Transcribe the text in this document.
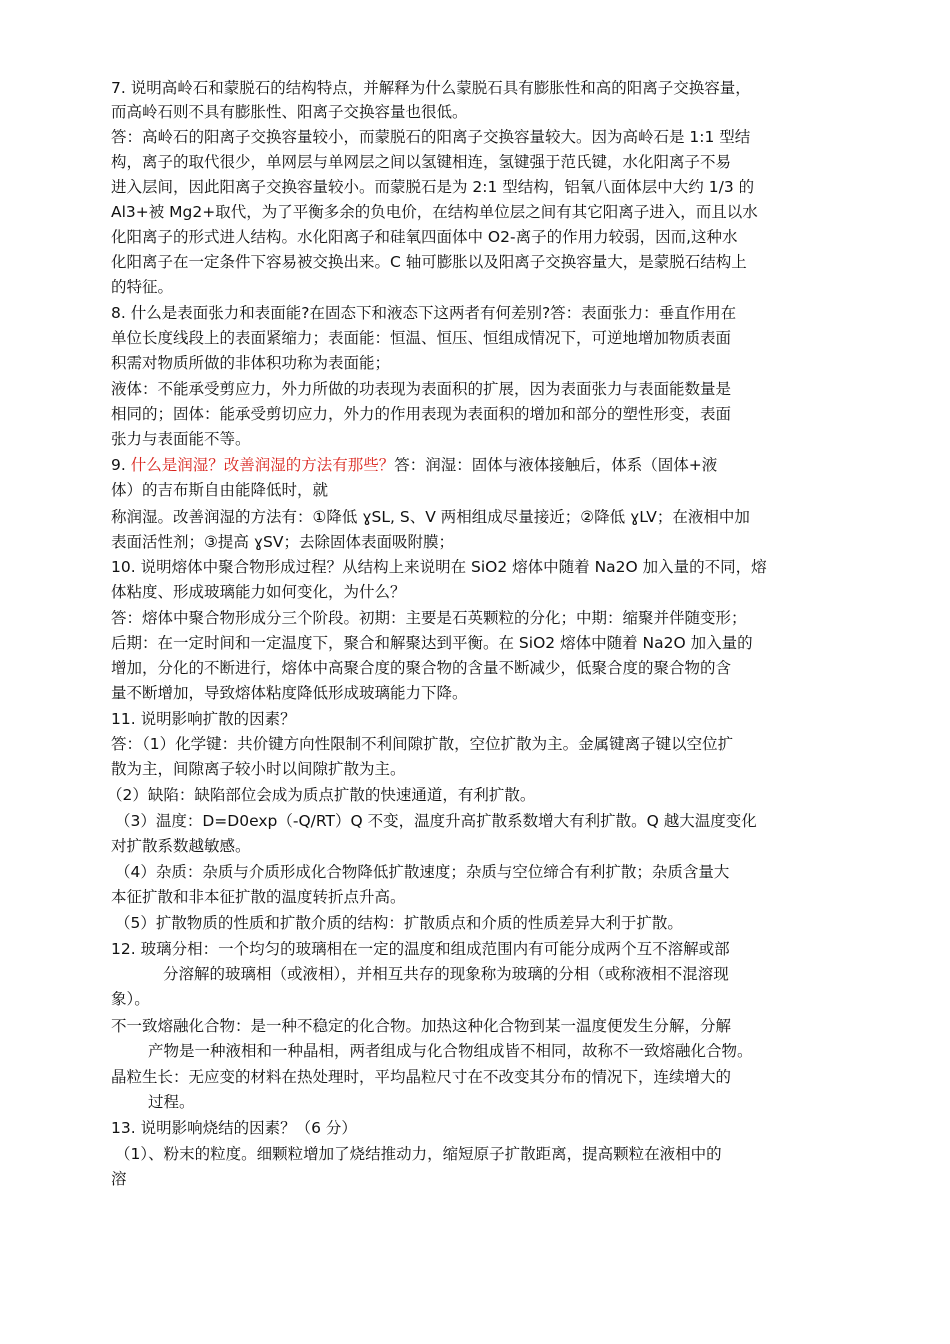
7. 说明高岭石和蒙脱石的结构特点，并解释为什么蒙脱石具有膨胀性和高的阳离子交换容量，

而高岭石则不具有膨胀性、阳离子交换容量也很低。

答：高岭石的阳离子交换容量较小，而蒙脱石的阳离子交换容量较大。因为高岭石是 1:1 型结

构，离子的取代很少，单网层与单网层之间以氢键相连，氢键强于范氏键，水化阳离子不易

进入层间，因此阳离子交换容量较小。而蒙脱石是为 2:1 型结构，铝氧八面体层中大约 1/3 的

Al3+被 Mg2+取代，为了平衡多余的负电价，在结构单位层之间有其它阳离子进入，而且以水

化阳离子的形式进人结构。水化阳离子和硅氧四面体中 O2-离子的作用力较弱，因而,这种水

化阳离子在一定条件下容易被交换出来。C 轴可膨胀以及阳离子交换容量大，是蒙脱石结构上

的特征。

8. 什么是表面张力和表面能?在固态下和液态下这两者有何差别?答：表面张力：垂直作用在

单位长度线段上的表面紧缩力；表面能：恒温、恒压、恒组成情况下，可逆地增加物质表面

积需对物质所做的非体积功称为表面能；

液体：不能承受剪应力，外力所做的功表现为表面积的扩展，因为表面张力与表面能数量是

相同的；固体：能承受剪切应力，外力的作用表现为表面积的增加和部分的塑性形变，表面

张力与表面能不等。

9. 什么是润湿？改善润湿的方法有那些？答：润湿：固体与液体接触后，体系（固体+液

体）的吉布斯自由能降低时，就

称润湿。改善润湿的方法有：①降低 ɣSL, S、V 两相组成尽量接近；②降低 ɣLV；在液相中加

表面活性剂；③提高 ɣSV；去除固体表面吸附膜；

10. 说明熔体中聚合物形成过程？从结构上来说明在 SiO2 熔体中随着 Na2O 加入量的不同，熔

体粘度、形成玻璃能力如何变化，为什么？

答：熔体中聚合物形成分三个阶段。初期：主要是石英颗粒的分化；中期：缩聚并伴随变形；

后期：在一定时间和一定温度下，聚合和解聚达到平衡。在 SiO2 熔体中随着 Na2O 加入量的

增加，分化的不断进行，熔体中高聚合度的聚合物的含量不断减少，低聚合度的聚合物的含

量不断增加，导致熔体粘度降低形成玻璃能力下降。

11. 说明影响扩散的因素？

答：（1）化学键：共价键方向性限制不利间隙扩散，空位扩散为主。金属键离子键以空位扩

散为主，间隙离子较小时以间隙扩散为主。

（2）缺陷：缺陷部位会成为质点扩散的快速通道，有利扩散。

（3）温度：D=D0exp（-Q/RT）Q 不变，温度升高扩散系数增大有利扩散。Q 越大温度变化

对扩散系数越敏感。

（4）杂质：杂质与介质形成化合物降低扩散速度；杂质与空位缔合有利扩散；杂质含量大

本征扩散和非本征扩散的温度转折点升高。

（5）扩散物质的性质和扩散介质的结构：扩散质点和介质的性质差异大利于扩散。

12. 玻璃分相：一个均匀的玻璃相在一定的温度和组成范围内有可能分成两个互不溶解或部

分溶解的玻璃相（或液相），并相互共存的现象称为玻璃的分相（或称液相不混溶现

象）。

不一致熔融化合物：是一种不稳定的化合物。加热这种化合物到某一温度便发生分解，分解

产物是一种液相和一种晶相，两者组成与化合物组成皆不相同，故称不一致熔融化合物。

晶粒生长：无应变的材料在热处理时，平均晶粒尺寸在不改变其分布的情况下，连续增大的

过程。

13. 说明影响烧结的因素？（6 分）

（1）、粉末的粒度。细颗粒增加了烧结推动力，缩短原子扩散距离，提高颗粒在液相中的

溶
